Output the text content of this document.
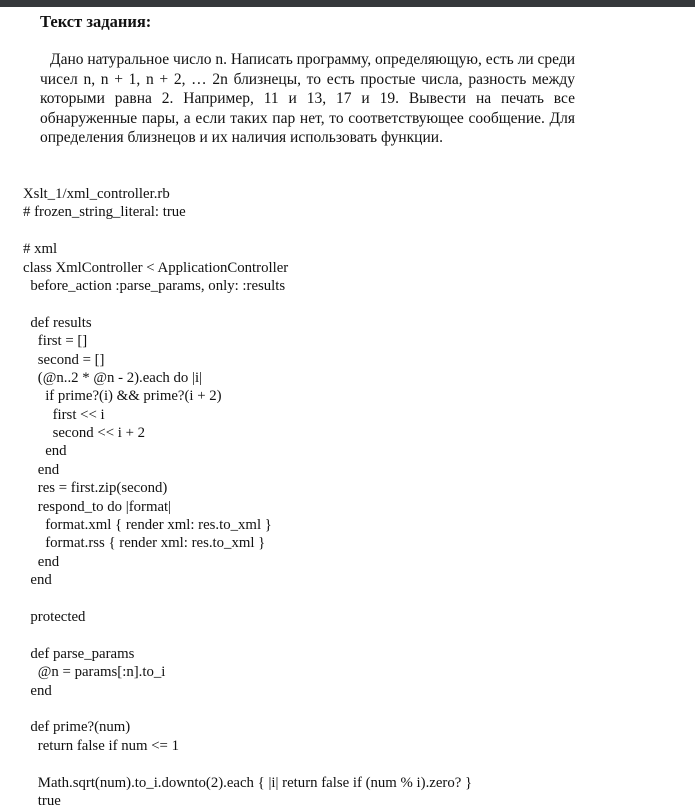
Текст задания:

Дано натуральное число n. Написать программу, определяющую, есть ли среди чисел n, n + 1, n + 2, … 2n близнецы, то есть простые числа, разность между которыми равна 2. Например, 11 и 13, 17 и 19. Вывести на печать все обнаруженные пары, а если таких пар нет, то соответствующее сообщение. Для определения близнецов и их наличия использовать функции.

Xslt_1/xml_controller.rb
# frozen_string_literal: true
# xml
class XmlController < ApplicationController
before_action :parse_params, only: :results
def results
first = []
second = []
(@n..2 * @n - 2).each do |i|
if prime?(i) && prime?(i + 2)
first << i
second << i + 2
end
end
res = first.zip(second)
respond_to do |format|
format.xml { render xml: res.to_xml }
format.rss { render xml: res.to_xml }
end
end
protected
def parse_params
@n = params[:n].to_i
end
def prime?(num)
return false if num <= 1
Math.sqrt(num).to_i.downto(2).each { |i| return false if (num % i).zero? }
true
